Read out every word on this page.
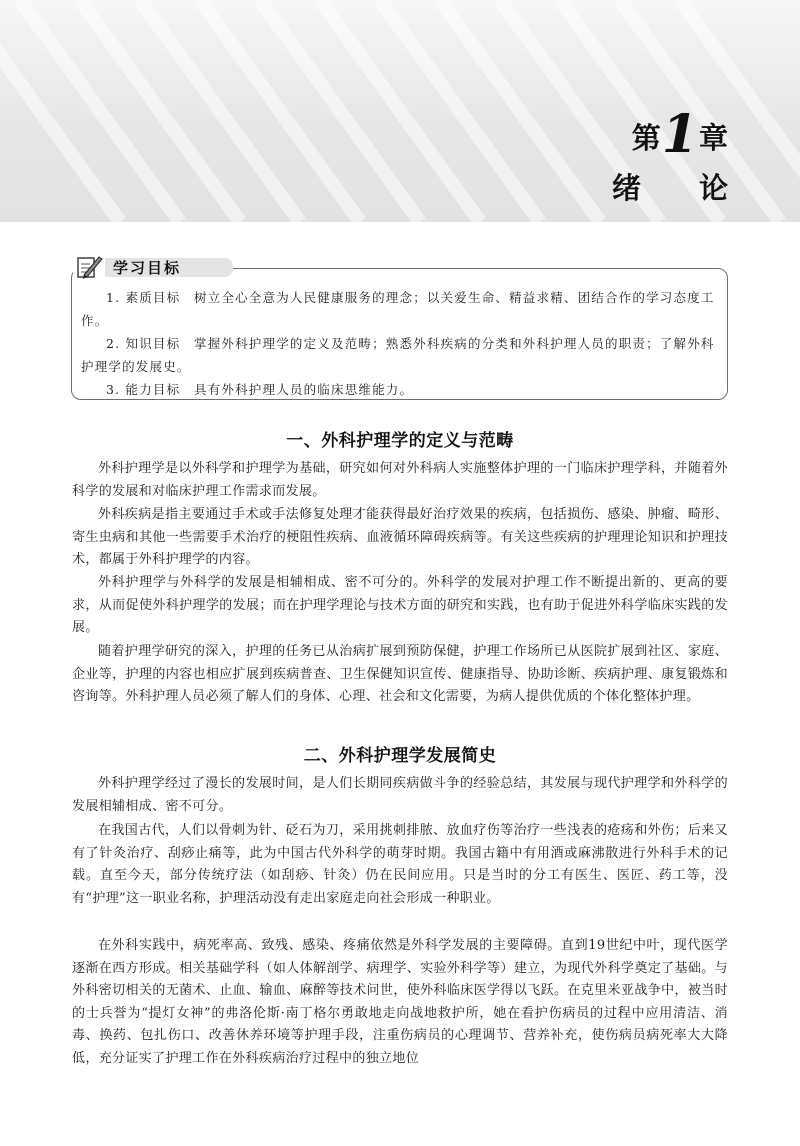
第1章
绪论
学习目标

1. 素质目标　树立全心全意为人民健康服务的理念；以关爱生命、精益求精、团结合作的学习态度工作。

2. 知识目标　掌握外科护理学的定义及范畴；熟悉外科疾病的分类和外科护理人员的职责；了解外科护理学的发展史。

3. 能力目标　具有外科护理人员的临床思维能力。

一、外科护理学的定义与范畴

外科护理学是以外科学和护理学为基础，研究如何对外科病人实施整体护理的一门临床护理学科，并随着外科学的发展和对临床护理工作需求而发展。

外科疾病是指主要通过手术或手法修复处理才能获得最好治疗效果的疾病，包括损伤、感染、肿瘤、畸形、寄生虫病和其他一些需要手术治疗的梗阻性疾病、血液循环障碍疾病等。有关这些疾病的护理理论知识和护理技术，都属于外科护理学的内容。

外科护理学与外科学的发展是相辅相成、密不可分的。外科学的发展对护理工作不断提出新的、更高的要求，从而促使外科护理学的发展；而在护理学理论与技术方面的研究和实践，也有助于促进外科学临床实践的发展。

随着护理学研究的深入，护理的任务已从治病扩展到预防保健，护理工作场所已从医院扩展到社区、家庭、企业等，护理的内容也相应扩展到疾病普查、卫生保健知识宣传、健康指导、协助诊断、疾病护理、康复锻炼和咨询等。外科护理人员必须了解人们的身体、心理、社会和文化需要，为病人提供优质的个体化整体护理。

二、外科护理学发展简史

外科护理学经过了漫长的发展时间，是人们长期同疾病做斗争的经验总结，其发展与现代护理学和外科学的发展相辅相成、密不可分。

在我国古代，人们以骨刺为针、砭石为刀，采用挑刺排脓、放血疗伤等治疗一些浅表的疮疡和外伤；后来又有了针灸治疗、刮痧止痛等，此为中国古代外科学的萌芽时期。我国古籍中有用酒或麻沸散进行外科手术的记载。直至今天，部分传统疗法（如刮痧、针灸）仍在民间应用。只是当时的分工有医生、医匠、药工等，没有“护理”这一职业名称，护理活动没有走出家庭走向社会形成一种职业。

在外科实践中，病死率高、致残、感染、疼痛依然是外科学发展的主要障碍。直到19世纪中叶，现代医学逐渐在西方形成。相关基础学科（如人体解剖学、病理学、实验外科学等）建立，为现代外科学奠定了基础。与外科密切相关的无菌术、止血、输血、麻醉等技术问世，使外科临床医学得以飞跃。在克里米亚战争中，被当时的士兵誉为“提灯女神”的弗洛伦斯·南丁格尔勇敢地走向战地救护所，她在看护伤病员的过程中应用清洁、消毒、换药、包扎伤口、改善休养环境等护理手段，注重伤病员的心理调节、营养补充，使伤病员病死率大大降低，充分证实了护理工作在外科疾病治疗过程中的独立地位
